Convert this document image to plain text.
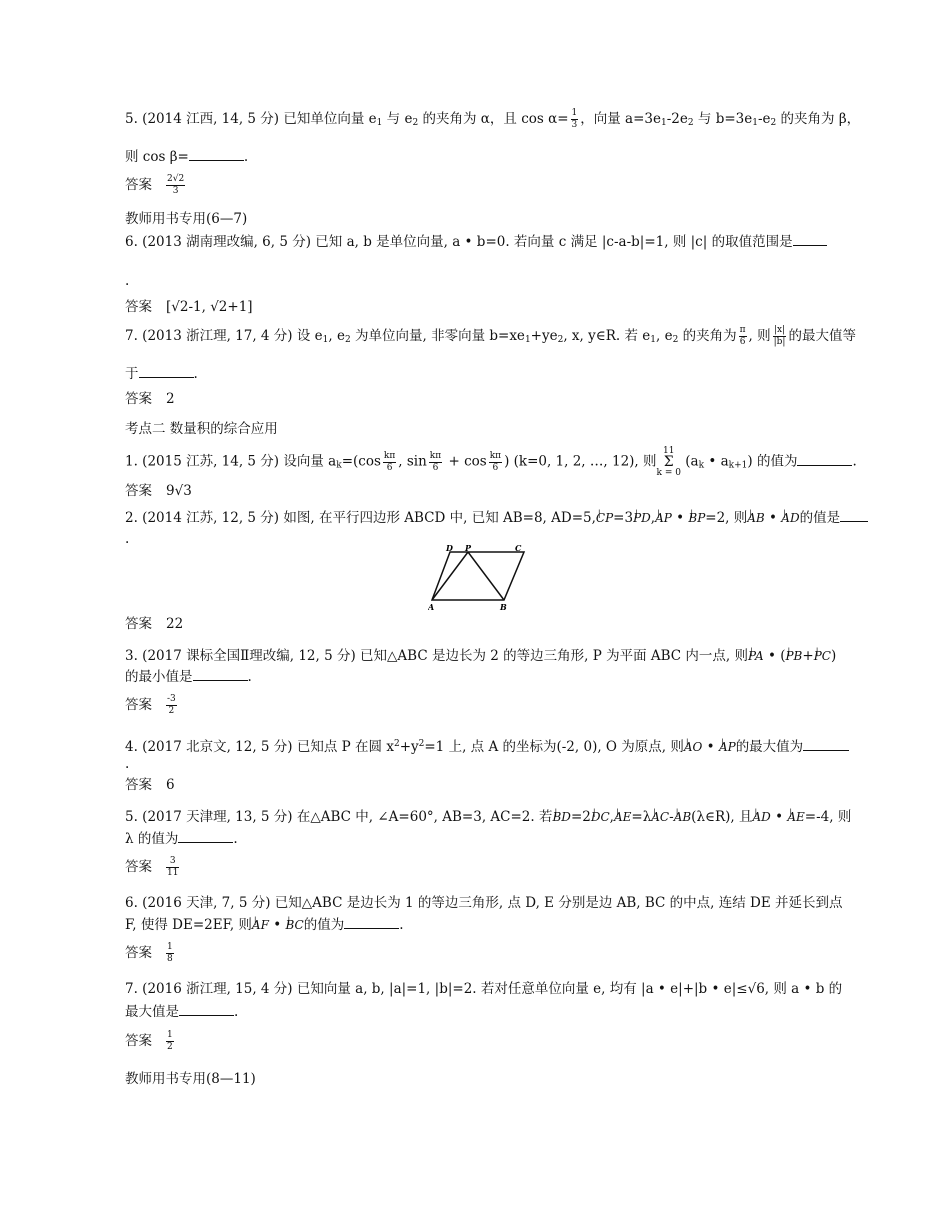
5. (2014 江西, 14, 5 分) 已知单位向量 $e_1$ 与 $e_2$ 的夹角为 α，且 $\cos \alpha= \frac{1}{3}$ ，向量 $a=3e_1-2e_2$ 与 $b=3e_1-e_2$ 的夹角为 β，
则 cos β=	.
答案 $\frac{2√2}{3}$
教师用书专用(6—7)
6. (2013 湖南理改编, 6, 5 分) 已知 a, b 是单位向量, a • b=0. 若向量 c 满足 |c-a-b|=1, 则 |c| 的取值范围是
.
答案 [√2-1, √2+1]
7. (2013 浙江理, 17, 4 分) 设 $e_1$, $e_2$ 为单位向量, 非零向量 $b=xe_1+ye_2$, x, y∈R. 若 $e_1$, $e_2$ 的夹角为 $\frac{\pi}{6}$ , 则 $\frac{|x|}{|b|}$ 的最大值等
于	.
答案 2
考点二 数量积的综合应用
1. (2015 江苏, 14, 5 分) 设向量 $a_k=(\cos \frac{k\pi}{6}$ , $\sin \frac{k\pi}{6} + \cos \frac{k\pi}{6}$ ) (k=0, 1, 2, …, 12), 则11
Σ
k = 0 ($a_k$ • $a_{k+1}$) 的值为	.
答案 9√3
2. (2014 江苏, 12, 5 分) 如图, 在平行四边形 ABCD 中, 已知 AB=8, AD=5,| CP=3| PD,| AP • | BP=2, 则| AB • | AD的值是
.
D P	C
A	B
答案 22
3. (2017 课标全国Ⅱ理改编, 12, 5 分) 已知△ABC 是边长为 2 的等边三角形, P 为平面 ABC 内一点, 则| PA • (| PB+| PC)
的最小值是	.
答案 $\frac{-3}{2}$
4. (2017 北京文, 12, 5 分) 已知点 P 在圆 $x^2+y^2=1$ 上, 点 A 的坐标为(-2, 0), O 为原点, 则| AO • | AP的最大值为
.
答案 6
5. (2017 天津理, 13, 5 分) 在△ABC 中, ∠A=60°, AB=3, AC=2. 若| BD=2| DC,| AE=λ| AC-| AB(λ∈R), 且| AD • | AE=-4, 则
λ 的值为	.
答案 $\frac{3}{11}$
6. (2016 天津, 7, 5 分) 已知△ABC 是边长为 1 的等边三角形, 点 D, E 分别是边 AB, BC 的中点, 连结 DE 并延长到点
F, 使得 DE=2EF, 则| AF • | BC的值为	.
答案 $\frac{1}{8}$
7. (2016 浙江理, 15, 4 分) 已知向量 a, b, |a|=1, |b|=2. 若对任意单位向量 e, 均有 |a • e|+|b • e|≤√6, 则 a • b 的
最大值是	.
答案 $\frac{1}{2}$
教师用书专用(8—11)
